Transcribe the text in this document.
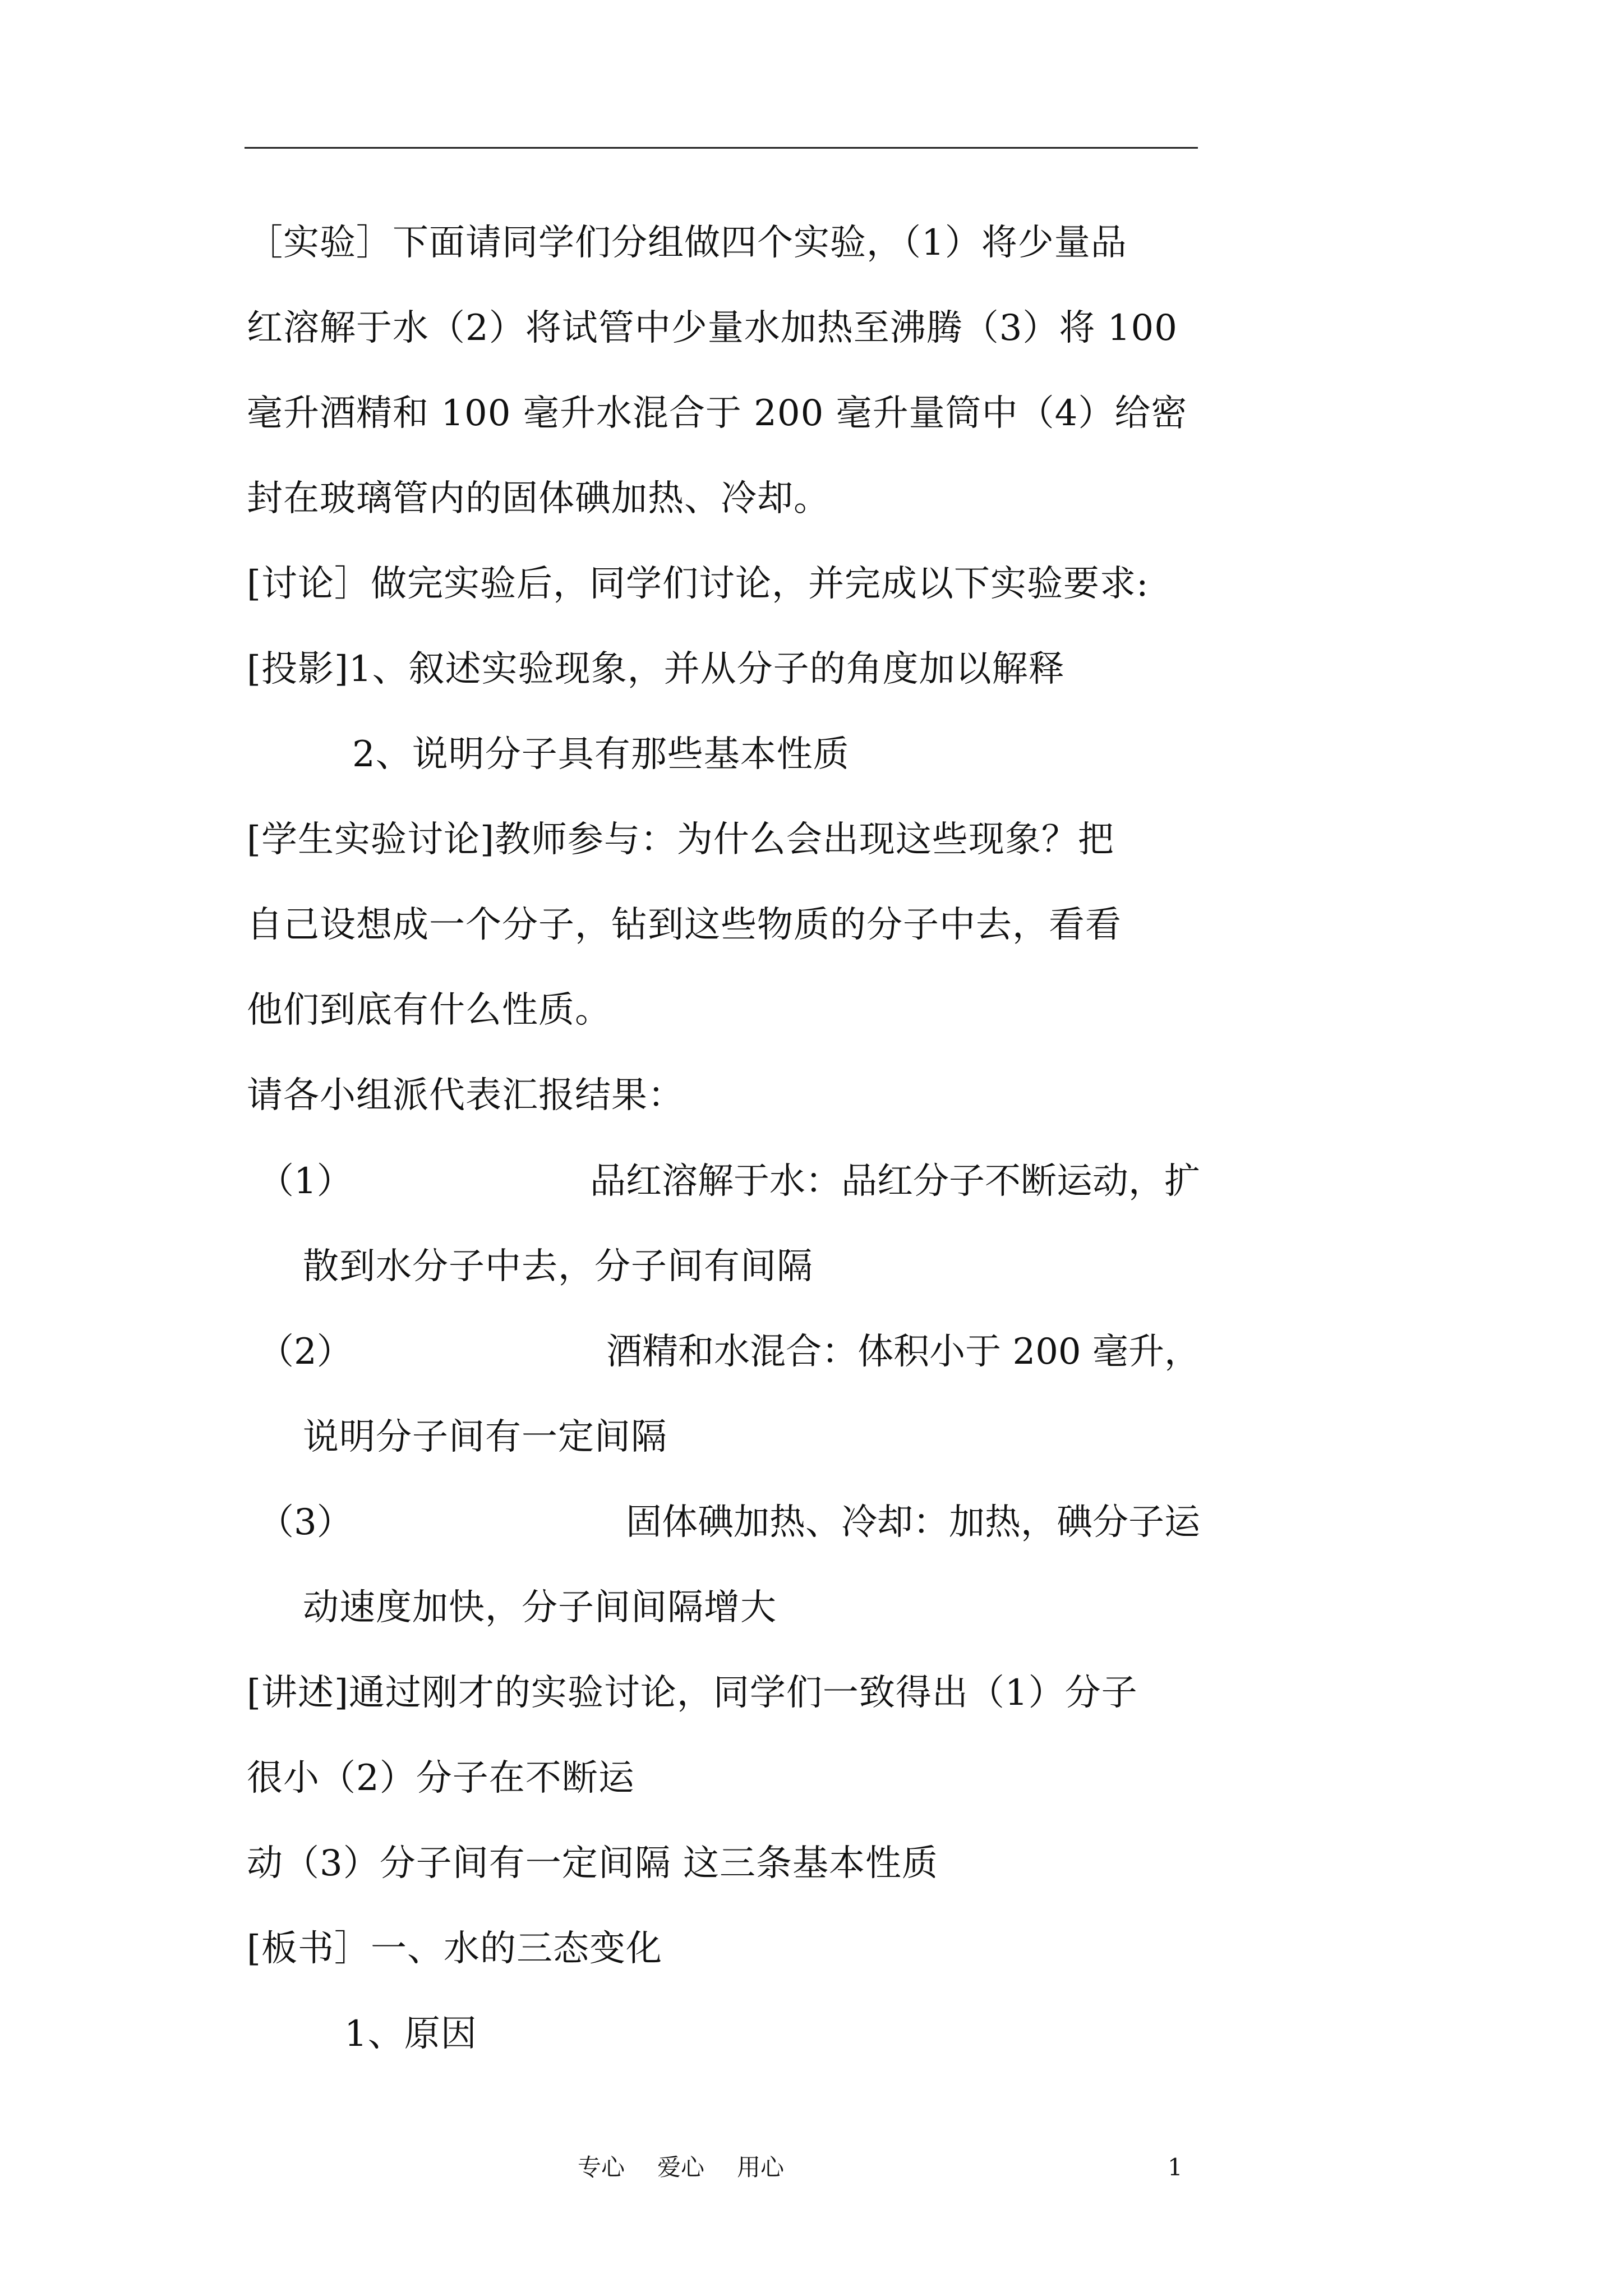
［实验］下面请同学们分组做四个实验，（1）将少量品
红溶解于水（2）将试管中少量水加热至沸腾（3）将 100
毫升酒精和 100 毫升水混合于 200 毫升量筒中（4）给密
封在玻璃管内的固体碘加热、冷却。
[讨论］做完实验后，同学们讨论，并完成以下实验要求:
[投影]1、叙述实验现象，并从分子的角度加以解释
2、说明分子具有那些基本性质
[学生实验讨论]教师参与：为什么会出现这些现象？把
自己设想成一个分子，钻到这些物质的分子中去，看看
他们到底有什么性质。
请各小组派代表汇报结果：
（1）	品红溶解于水：品红分子不断运动，扩
散到水分子中去，分子间有间隔
（2）	酒精和水混合：体积小于 200 毫升，
说明分子间有一定间隔
（3）	固体碘加热、冷却：加热，碘分子运
动速度加快，分子间间隔增大
[讲述]通过刚才的实验讨论，同学们一致得出（1）分子
很小（2）分子在不断运
动（3）分子间有一定间隔 这三条基本性质
[板书］一、水的三态变化
1、原因
专心 爱心 用心	1
